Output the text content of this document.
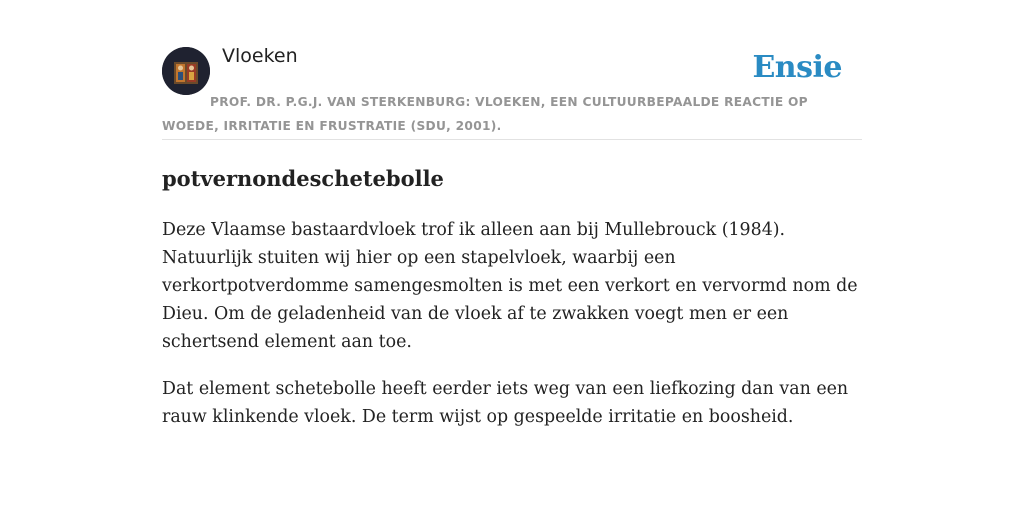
Vloeken	Ensie
PROF. DR. P.G.J. VAN STERKENBURG: VLOEKEN, EEN CULTUURBEPAALDE REACTIE OP WOEDE, IRRITATIE EN FRUSTRATIE (SDU, 2001).
potvernondeschetebolle

Deze Vlaamse bastaardvloek trof ik alleen aan bij Mullebrouck (1984). Natuurlijk stuiten wij hier op een stapelvloek, waarbij een verkortpotverdomme samengesmolten is met een verkort en vervormd nom de Dieu. Om de geladenheid van de vloek af te zwakken voegt men er een schertsend element aan toe.

Dat element schetebolle heeft eerder iets weg van een liefkozing dan van een rauw klinkende vloek. De term wijst op gespeelde irritatie en boosheid.
